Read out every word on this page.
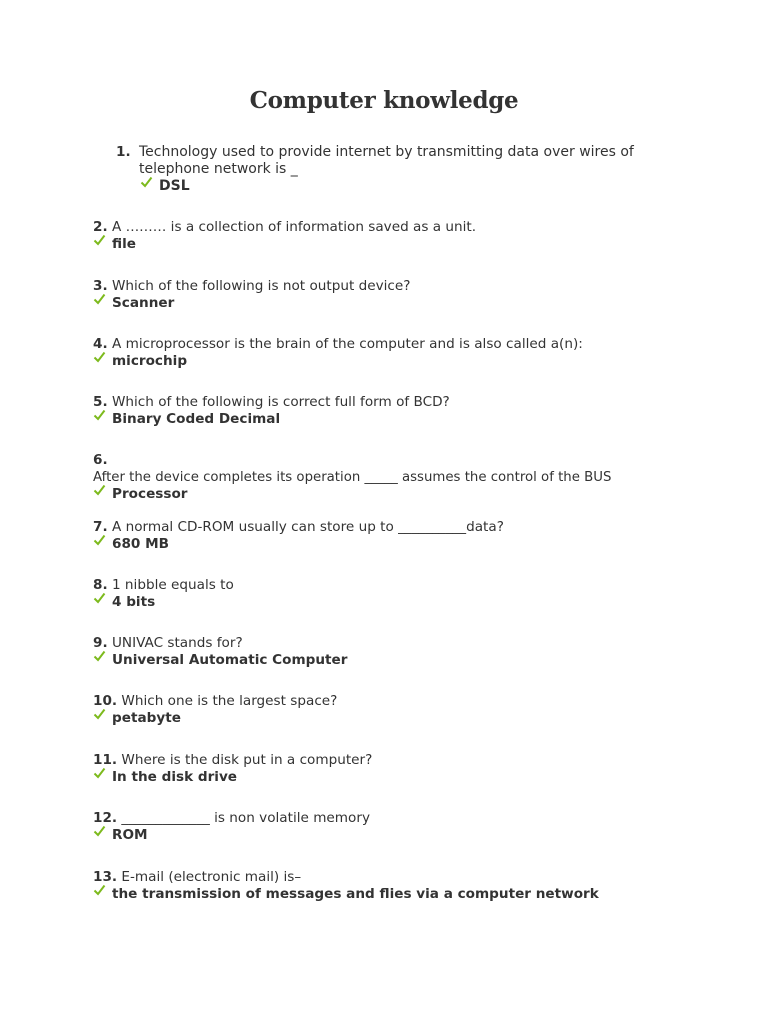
Computer knowledge
1. Technology used to provide internet by transmitting data over wires of
telephone network is _
DSL
2. A ……… is a collection of information saved as a unit.
file
3. Which of the following is not output device?
Scanner
4. A microprocessor is the brain of the computer and is also called a(n):
microchip
5. Which of the following is correct full form of BCD?
Binary Coded Decimal
6.
After the device completes its operation _____ assumes the control of the BUS
Processor
7. A normal CD-ROM usually can store up to __________data?
680 MB
8. 1 nibble equals to
4 bits
9. UNIVAC stands for?
Universal Automatic Computer
10. Which one is the largest space?
petabyte
11. Where is the disk put in a computer?
In the disk drive
12. _____________ is non volatile memory
ROM
13. E-mail (electronic mail) is–
the transmission of messages and flies via a computer network
